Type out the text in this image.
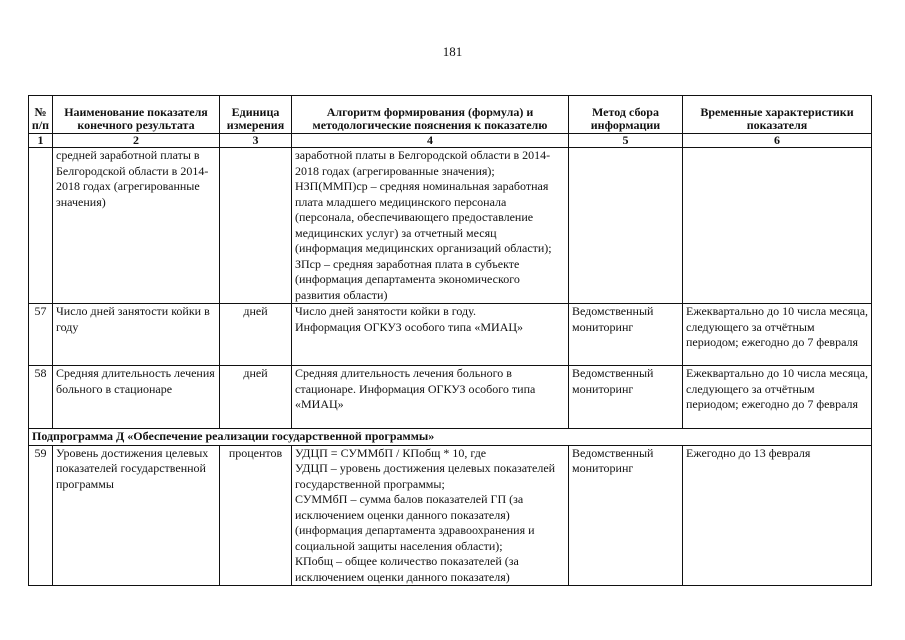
181
№ п/п	Наименование показателя конечного результата	Единица измерения	Алгоритм формирования (формула) и методологические пояснения к показателю	Метод сбора информации	Временные характеристики показателя
1	2	3	4	5	6
	средней заработной платы в Белгородской области в 2014-2018 годах (агрегированные значения)		заработной платы в Белгородской области в 2014-2018 годах (агрегированные значения);
НЗП(ММП)ср – средняя номинальная заработная плата младшего медицинского персонала (персонала, обеспечивающего предоставление медицинских услуг) за отчетный месяц (информация медицинских организаций области);
ЗПср – средняя заработная плата в субъекте (информация департамента экономического развития области)		

57	Число дней занятости койки в году	дней	Число дней занятости койки в году.
Информация ОГКУЗ особого типа «МИАЦ»	Ведомственный мониторинг	Ежеквартально до 10 числа месяца, следующего за отчётным периодом; ежегодно до 7 февраля
58	Средняя длительность лечения больного в стационаре	дней	Средняя длительность лечения больного в стационаре. Информация ОГКУЗ особого типа «МИАЦ»	Ведомственный мониторинг	Ежеквартально до 10 числа месяца, следующего за отчётным периодом; ежегодно до 7 февраля
Подпрограмма Д «Обеспечение реализации государственной программы»					
59	Уровень достижения целевых показателей государственной программы	процентов	УДЦП = СУММбП / КПобщ * 10, где
УДЦП – уровень достижения целевых показателей государственной программы;
СУММбП – сумма балов показателей ГП (за исключением оценки данного показателя) (информация департамента здравоохранения и социальной защиты населения области);
КПобщ – общее количество показателей (за исключением оценки данного показателя)	Ведомственный мониторинг	Ежегодно до 13 февраля
